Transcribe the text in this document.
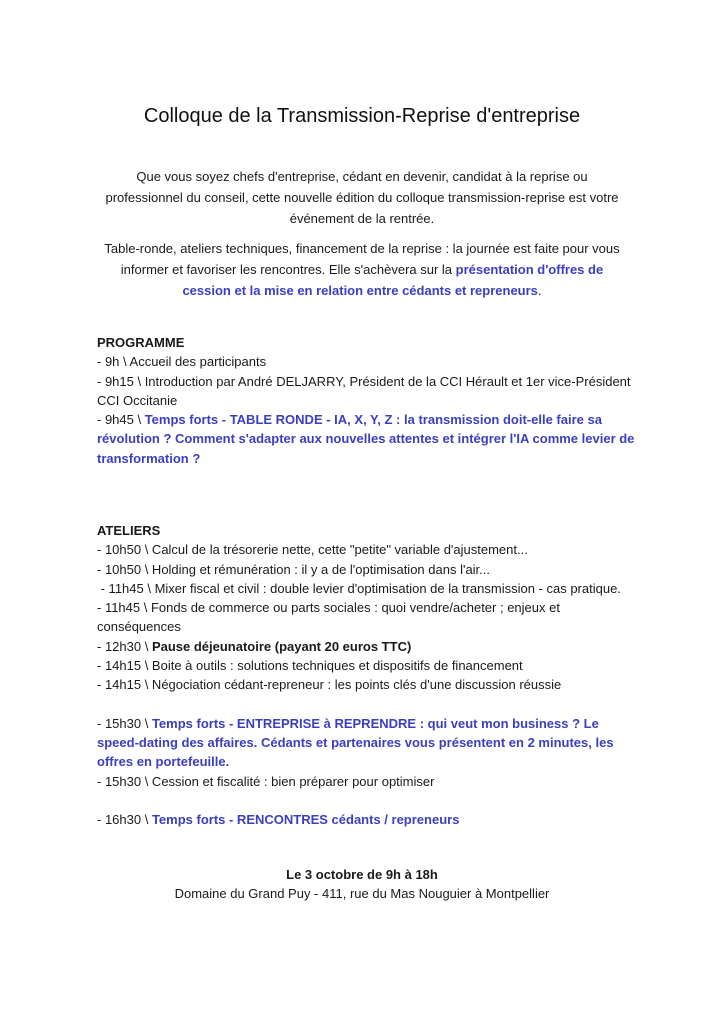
Colloque de la Transmission-Reprise d'entreprise

Que vous soyez chefs d'entreprise, cédant en devenir, candidat à la reprise ou professionnel du conseil, cette nouvelle édition du colloque transmission-reprise est votre événement de la rentrée.

Table-ronde, ateliers techniques, financement de la reprise : la journée est faite pour vous informer et favoriser les rencontres. Elle s'achèvera sur la présentation d'offres de cession et la mise en relation entre cédants et repreneurs.

PROGRAMME
- 9h \ Accueil des participants
- 9h15 \ Introduction par André DELJARRY, Président de la CCI Hérault et 1er vice-Président CCI Occitanie
- 9h45 \ Temps forts - TABLE RONDE - IA, X, Y, Z : la transmission doit-elle faire sa révolution ? Comment s'adapter aux nouvelles attentes et intégrer l'IA comme levier de transformation ?
ATELIERS
- 10h50 \ Calcul de la trésorerie nette, cette "petite" variable d'ajustement...
- 10h50 \ Holding et rémunération : il y a de l'optimisation dans l'air...
- 11h45 \ Mixer fiscal et civil : double levier d'optimisation de la transmission - cas pratique.
- 11h45 \ Fonds de commerce ou parts sociales : quoi vendre/acheter ; enjeux et conséquences
- 12h30 \ Pause déjeunatoire (payant 20 euros TTC)
- 14h15 \ Boite à outils : solutions techniques et dispositifs de financement
- 14h15 \ Négociation cédant-repreneur : les points clés d'une discussion réussie
- 15h30 \ Temps forts - ENTREPRISE à REPRENDRE : qui veut mon business ? Le speed-dating des affaires. Cédants et partenaires vous présentent en 2 minutes, les offres en portefeuille.
- 15h30 \ Cession et fiscalité : bien préparer pour optimiser
- 16h30 \ Temps forts - RENCONTRES cédants / repreneurs
Le 3 octobre de 9h à 18h
Domaine du Grand Puy - 411, rue du Mas Nouguier à Montpellier
